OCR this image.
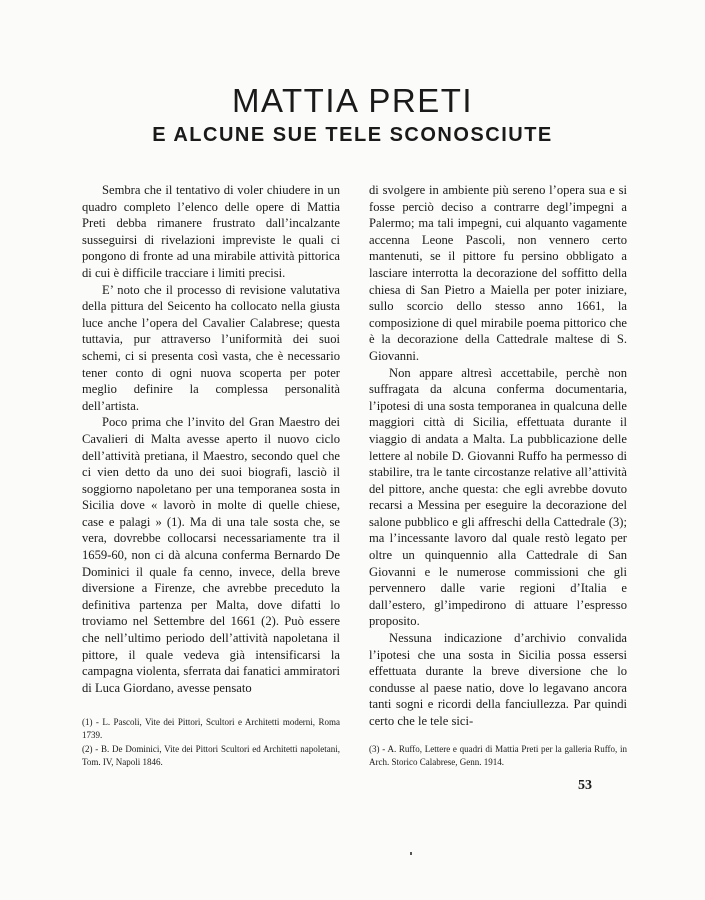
MATTIA PRETI
E ALCUNE SUE TELE SCONOSCIUTE

Sembra che il tentativo di voler chiudere in un quadro completo l’elenco delle opere di Mattia Preti debba rimanere frustrato dall’incalzante susseguirsi di rivelazioni impreviste le quali ci pongono di fronte ad una mirabile attività pittorica di cui è difficile tracciare i limiti precisi.

E’ noto che il processo di revisione valutativa della pittura del Seicento ha collocato nella giusta luce anche l’opera del Cavalier Calabrese; questa tuttavia, pur attraverso l’uniformità dei suoi schemi, ci si presenta così vasta, che è necessario tener conto di ogni nuova scoperta per poter meglio definire la complessa personalità dell’artista.

Poco prima che l’invito del Gran Maestro dei Cavalieri di Malta avesse aperto il nuovo ciclo dell’attività pretiana, il Maestro, secondo quel che ci vien detto da uno dei suoi biografi, lasciò il soggiorno napoletano per una temporanea sosta in Sicilia dove « lavorò in molte di quelle chiese, case e palagi » (1). Ma di una tale sosta che, se vera, dovrebbe collocarsi necessariamente tra il 1659-60, non ci dà alcuna conferma Bernardo De Dominici il quale fa cenno, invece, della breve diversione a Firenze, che avrebbe preceduto la definitiva partenza per Malta, dove difatti lo troviamo nel Settembre del 1661 (2). Può essere che nell’ultimo periodo dell’attività napoletana il pittore, il quale vedeva già intensificarsi la campagna violenta, sferrata dai fanatici ammiratori di Luca Giordano, avesse pensato

di svolgere in ambiente più sereno l’opera sua e si fosse perciò deciso a contrarre degl’impegni a Palermo; ma tali impegni, cui alquanto vagamente accenna Leone Pascoli, non vennero certo mantenuti, se il pittore fu persino obbligato a lasciare interrotta la decorazione del soffitto della chiesa di San Pietro a Maiella per poter iniziare, sullo scorcio dello stesso anno 1661, la composizione di quel mirabile poema pittorico che è la decorazione della Cattedrale maltese di S. Giovanni.

Non appare altresì accettabile, perchè non suffragata da alcuna conferma documentaria, l’ipotesi di una sosta temporanea in qualcuna delle maggiori città di Sicilia, effettuata durante il viaggio di andata a Malta. La pubblicazione delle lettere al nobile D. Giovanni Ruffo ha permesso di stabilire, tra le tante circostanze relative all’attività del pittore, anche questa: che egli avrebbe dovuto recarsi a Messina per eseguire la decorazione del salone pubblico e gli affreschi della Cattedrale (3); ma l’incessante lavoro dal quale restò legato per oltre un quinquennio alla Cattedrale di San Giovanni e le numerose commissioni che gli pervennero dalle varie regioni d’Italia e dall’estero, gl’impedirono di attuare l’espresso proposito.

Nessuna indicazione d’archivio convalida l’ipotesi che una sosta in Sicilia possa essersi effettuata durante la breve diversione che lo condusse al paese natio, dove lo legavano ancora tanti sogni e ricordi della fanciullezza. Par quindi certo che le tele sici-

(1) - L. Pascoli, Vite dei Pittori, Scultori e Architetti moderni, Roma 1739.
(2) - B. De Dominici, Vite dei Pittori Scultori ed Architetti napoletani, Tom. IV, Napoli 1846.
(3) - A. Ruffo, Lettere e quadri di Mattia Preti per la galleria Ruffo, in Arch. Storico Calabrese, Genn. 1914.
53
